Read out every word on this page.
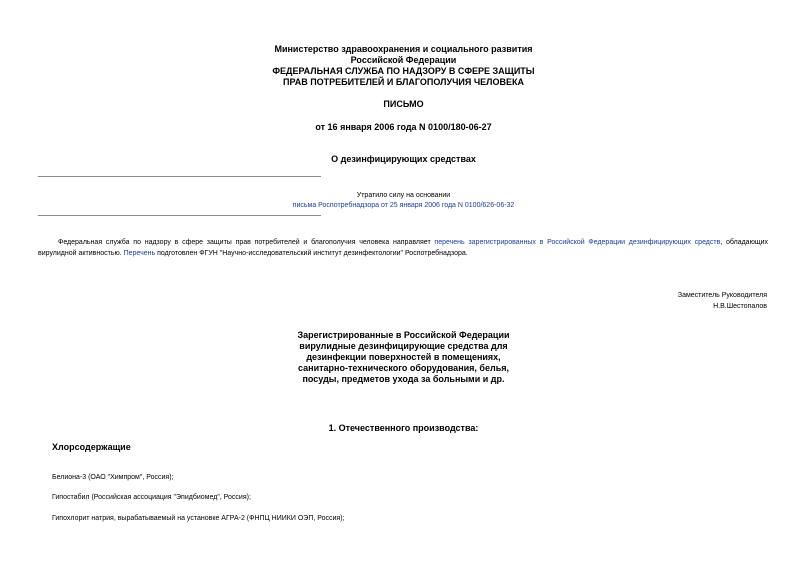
Министерство здравоохранения и социального развития
Российской Федерации
ФЕДЕРАЛЬНАЯ СЛУЖБА ПО НАДЗОРУ В СФЕРЕ ЗАЩИТЫ
ПРАВ ПОТРЕБИТЕЛЕЙ И БЛАГОПОЛУЧИЯ ЧЕЛОВЕКА
ПИСЬМО
от 16 января 2006 года N 0100/180-06-27
О дезинфицирующих средствах
Утратило силу на основании
письма Роспотребнадзора от 25 января 2006 года N 0100/626-06-32
Федеральная служба по надзору в сфере защиты прав потребителей и благополучия человека направляет перечень зарегистрированных в Российской Федерации дезинфицирующих средств, обладающих вирулидной активностью. Перечень подготовлен ФГУН "Научно-исследовательский институт дезинфектологии" Роспотребнадзора.
Заместитель Руководителя
Н.В.Шестопалов
Зарегистрированные в Российской Федерации
вирулидные дезинфицирующие средства для
дезинфекции поверхностей в помещениях,
санитарно-технического оборудования, белья,
посуды, предметов ухода за больными и др.
1. Отечественного производства:
Хлорсодержащие
Белиона-3 (ОАО "Химпром", Россия);
Гипостабил (Российская ассоциация "Эпидбиомед", Россия);
Гипохлорит натрия, вырабатываемый на установке АГРА-2 (ФНПЦ НИИКИ ОЭП, Россия);
